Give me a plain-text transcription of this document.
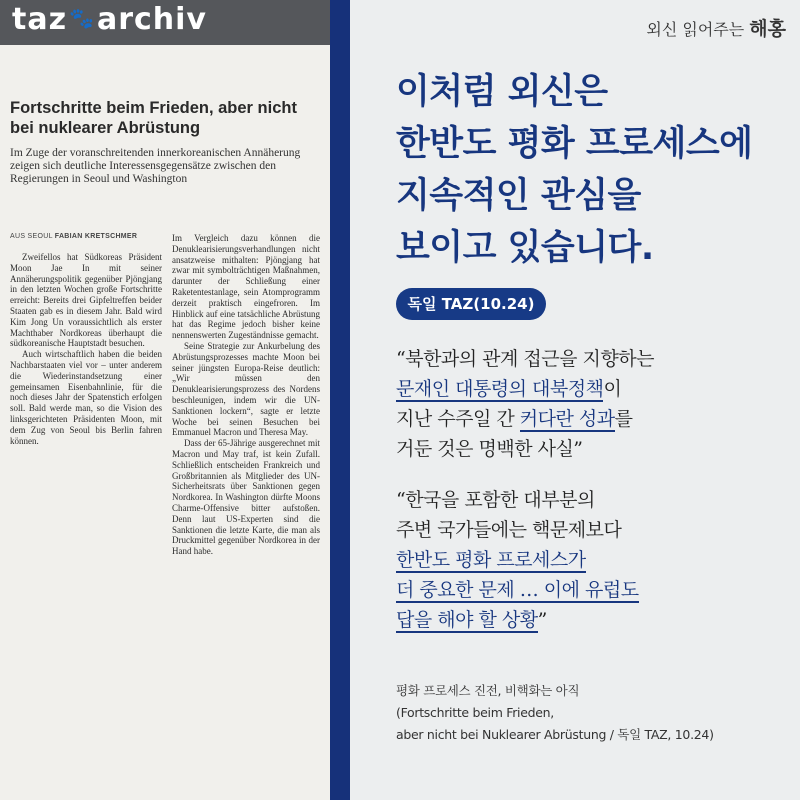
taz 🐾archiv
Fortschritte beim Frieden, aber nicht bei nuklearer Abrüstung
Im Zuge der voranschreitenden innerkoreanischen Annäherung zeigen sich deutliche Interessensgegensätze zwischen den Regierungen in Seoul und Washington
AUS SEOUL FABIAN KRETSCHMER

Zweifellos hat Südkoreas Präsident Moon Jae In mit seiner Annäherungspolitik gegenüber Pjöngjang in den letzten Wochen große Fortschritte erreicht: Bereits drei Gipfeltreffen beider Staaten gab es in diesem Jahr. Bald wird Kim Jong Un voraussichtlich als erster Machthaber Nordkoreas überhaupt die südkoreanische Hauptstadt besuchen.

Auch wirtschaftlich haben die beiden Nachbarstaaten viel vor – unter anderem die Wiederinstandsetzung einer gemeinsamen Eisenbahnlinie, für die noch dieses Jahr der Spatenstich erfolgen soll. Bald werde man, so die Vision des linksgerichteten Präsidenten Moon, mit dem Zug von Seoul bis Berlin fahren können.

Im Vergleich dazu können die Denuklearisierungsverhandlungen nicht ansatzweise mithalten: Pjöngjang hat zwar mit symbolträchtigen Maßnahmen, darunter der Schließung einer Raketentestanlage, sein Atomprogramm derzeit praktisch eingefroren. Im Hinblick auf eine tatsächliche Abrüstung hat das Regime jedoch bisher keine nennenswerten Zugeständnisse gemacht.

Seine Strategie zur Ankurbelung des Abrüstungsprozesses machte Moon bei seiner jüngsten Europa-Reise deutlich: „Wir müssen den Denuklearisierungsprozess des Nordens beschleunigen, indem wir die UN-Sanktionen lockern“, sagte er letzte Woche bei seinen Besuchen bei Emmanuel Macron und Theresa May.

Dass der 65-Jährige ausgerechnet mit Macron und May traf, ist kein Zufall. Schließlich entscheiden Frankreich und Großbritannien als Mitglieder des UN-Sicherheitsrats über Sanktionen gegen Nordkorea. In Washington dürfte Moons Charme-Offensive bitter aufstoßen. Denn laut US-Experten sind die Sanktionen die letzte Karte, die man als Druckmittel gegenüber Nordkorea in der Hand habe.

외신 읽어주는 해홍
이처럼 외신은
한반도 평화 프로세스에
지속적인 관심을
보이고 있습니다.
독일 TAZ(10.24)
“북한과의 관계 접근을 지향하는
문재인 대통령의 대북정책이
지난 수주일 간 커다란 성과를
거둔 것은 명백한 사실”
“한국을 포함한 대부분의
주변 국가들에는 핵문제보다
한반도 평화 프로세스가
더 중요한 문제 … 이에 유럽도
답을 해야 할 상황”
평화 프로세스 진전, 비핵화는 아직
(Fortschritte beim Frieden,
aber nicht bei Nuklearer Abrüstung / 독일 TAZ, 10.24)
